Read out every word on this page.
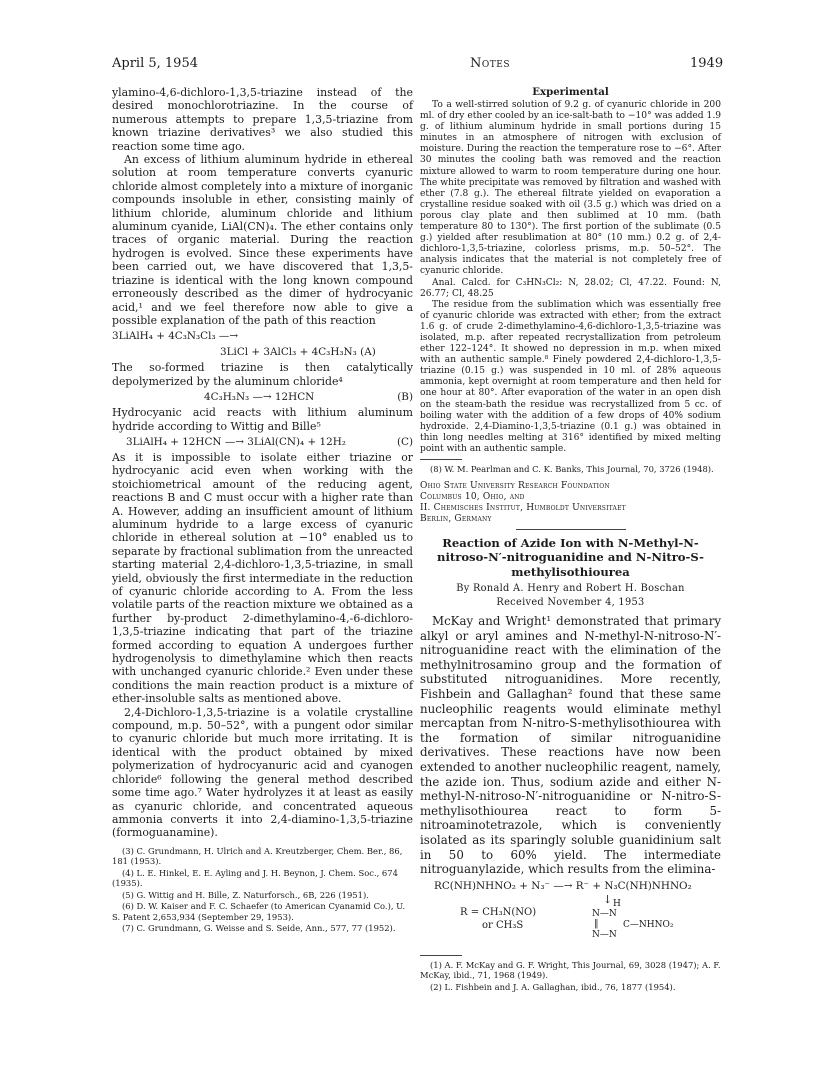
April 5, 1954	Notes	1949

ylamino-4,6-dichloro-1,3,5-triazine instead of the desired monochlorotriazine. In the course of numerous attempts to prepare 1,3,5-triazine from known triazine derivatives³ we also studied this reaction some time ago.

An excess of lithium aluminum hydride in ethereal solution at room temperature converts cyanuric chloride almost completely into a mixture of inorganic compounds insoluble in ether, consisting mainly of lithium chloride, aluminum chloride and lithium aluminum cyanide, LiAl(CN)₄. The ether contains only traces of organic material. During the reaction hydrogen is evolved. Since these experiments have been carried out, we have discovered that 1,3,5-triazine is identical with the long known compound erroneously described as the dimer of hydrocyanic acid,¹ and we feel therefore now able to give a possible explanation of the path of this reaction

3LiAlH₄ + 4C₃N₃Cl₃ —→
3LiCl + 3AlCl₃ + 4C₃H₃N₃ (A)

The so-formed triazine is then catalytically depolymerized by the aluminum chloride⁴

4C₃H₃N₃ —→ 12HCN	(B)

Hydrocyanic acid reacts with lithium aluminum hydride according to Wittig and Bille⁵

3LiAlH₄ + 12HCN —→ 3LiAl(CN)₄ + 12H₂	(C)

As it is impossible to isolate either triazine or hydrocyanic acid even when working with the stoichiometrical amount of the reducing agent, reactions B and C must occur with a higher rate than A. However, adding an insufficient amount of lithium aluminum hydride to a large excess of cyanuric chloride in ethereal solution at −10° enabled us to separate by fractional sublimation from the unreacted starting material 2,4-dichloro-1,3,5-triazine, in small yield, obviously the first intermediate in the reduction of cyanuric chloride according to A. From the less volatile parts of the reaction mixture we obtained as a further by-product 2-dimethylamino-4,-6-dichloro-1,3,5-triazine indicating that part of the triazine formed according to equation A undergoes further hydrogenolysis to dimethylamine which then reacts with unchanged cyanuric chloride.² Even under these conditions the main reaction product is a mixture of ether-insoluble salts as mentioned above.

2,4-Dichloro-1,3,5-triazine is a volatile crystalline compound, m.p. 50–52°, with a pungent odor similar to cyanuric chloride but much more irritating. It is identical with the product obtained by mixed polymerization of hydrocyanuric acid and cyanogen chloride⁶ following the general method described some time ago.⁷ Water hydrolyzes it at least as easily as cyanuric chloride, and concentrated aqueous ammonia converts it into 2,4-diamino-1,3,5-triazine (formoguanamine).

(3) C. Grundmann, H. Ulrich and A. Kreutzberger, Chem. Ber., 86, 181 (1953).

(4) L. E. Hinkel, E. E. Ayling and J. H. Beynon, J. Chem. Soc., 674 (1935).

(5) G. Wittig and H. Bille, Z. Naturforsch., 6B, 226 (1951).

(6) D. W. Kaiser and F. C. Schaefer (to American Cyanamid Co.), U. S. Patent 2,653,934 (September 29, 1953).

(7) C. Grundmann, G. Weisse and S. Seide, Ann., 577, 77 (1952).

Experimental

To a well-stirred solution of 9.2 g. of cyanuric chloride in 200 ml. of dry ether cooled by an ice-salt-bath to −10° was added 1.9 g. of lithium aluminum hydride in small portions during 15 minutes in an atmosphere of nitrogen with exclusion of moisture. During the reaction the temperature rose to −6°. After 30 minutes the cooling bath was removed and the reaction mixture allowed to warm to room temperature during one hour. The white precipitate was removed by filtration and washed with ether (7.8 g.). The ethereal filtrate yielded on evaporation a crystalline residue soaked with oil (3.5 g.) which was dried on a porous clay plate and then sublimed at 10 mm. (bath temperature 80 to 130°). The first portion of the sublimate (0.5 g.) yielded after resublimation at 80° (10 mm.) 0.2 g. of 2,4-dichloro-1,3,5-triazine, colorless prisms, m.p. 50–52°. The analysis indicates that the material is not completely free of cyanuric chloride.

Anal. Calcd. for C₃HN₃Cl₂: N, 28.02; Cl, 47.22. Found: N, 26.77; Cl, 48.25

The residue from the sublimation which was essentially free of cyanuric chloride was extracted with ether; from the extract 1.6 g. of crude 2-dimethylamino-4,6-dichloro-1,3,5-triazine was isolated, m.p. after repeated recrystallization from petroleum ether 122–124°. It showed no depression in m.p. when mixed with an authentic sample.⁸ Finely powdered 2,4-dichloro-1,3,5-triazine (0.15 g.) was suspended in 10 ml. of 28% aqueous ammonia, kept overnight at room temperature and then held for one hour at 80°. After evaporation of the water in an open dish on the steam-bath the residue was recrystallized from 5 cc. of boiling water with the addition of a few drops of 40% sodium hydroxide. 2,4-Diamino-1,3,5-triazine (0.1 g.) was obtained in thin long needles melting at 316° identified by mixed melting point with an authentic sample.

(8) W. M. Pearlman and C. K. Banks, This Journal, 70, 3726 (1948).

Ohio State University Research Foundation

Columbus 10, Ohio, and

II. Chemisches Institut, Humboldt Universitaet

Berlin, Germany

Reaction of Azide Ion with N-Methyl-N-nitroso-N′-nitroguanidine and N-Nitro-S-methylisothiourea
By Ronald A. Henry and Robert H. Boschan
Received November 4, 1953

McKay and Wright¹ demonstrated that primary alkyl or aryl amines and N-methyl-N-nitroso-N′-nitroguanidine react with the elimination of the methylnitrosamino group and the formation of substituted nitroguanidines. More recently, Fishbein and Gallaghan² found that these same nucleophilic reagents would eliminate methyl mercaptan from N-nitro-S-methylisothiourea with the formation of similar nitroguanidine derivatives. These reactions have now been extended to another nucleophilic reagent, namely, the azide ion. Thus, sodium azide and either N-methyl-N-nitroso-N′-nitroguanidine or N-nitro-S-methylisothiourea react to form 5-nitroaminotetrazole, which is conveniently isolated as its sparingly soluble guanidinium salt in 50 to 60% yield. The intermediate nitroguanylazide, which results from the elimina-

RC(NH)NHNO₂ + N₃⁻ —→ R⁻ + N₃C(NH)NHNO₂
R = CH₃N(NO)
or CH₃S
↓ H
N—N
‖
N—N
C—NHNO₂

(1) A. F. McKay and G. F. Wright, This Journal, 69, 3028 (1947); A. F. McKay, ibid., 71, 1968 (1949).

(2) L. Fishbein and J. A. Gallaghan, ibid., 76, 1877 (1954).
